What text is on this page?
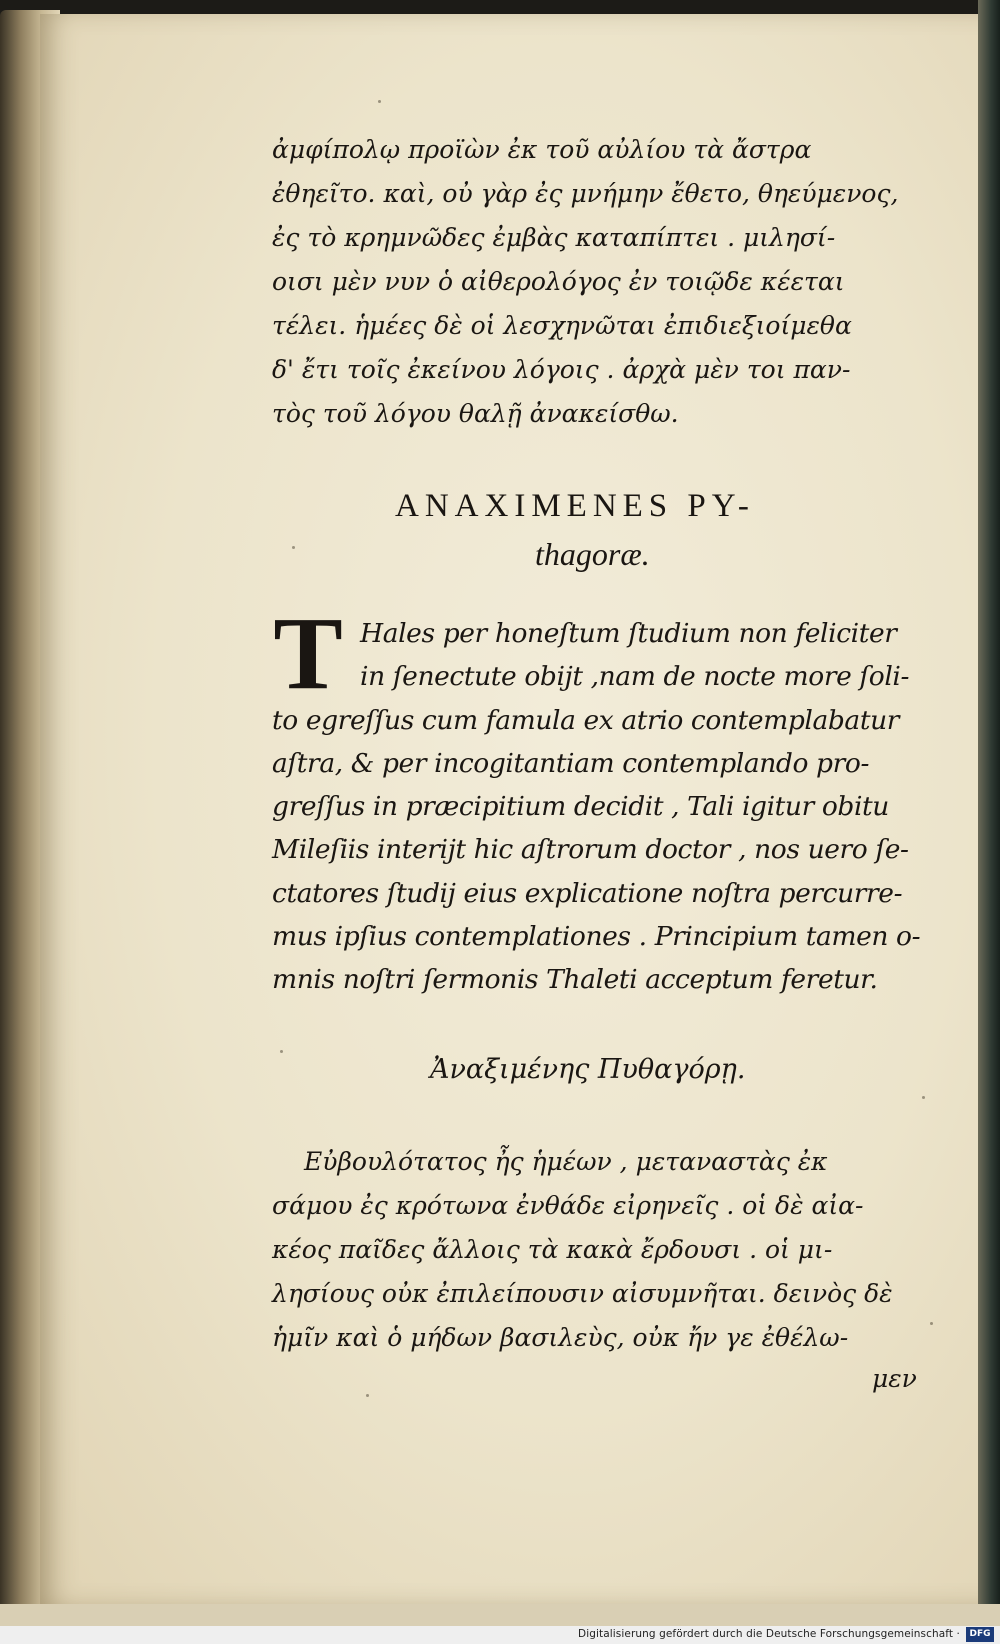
ἀμφίπολῳ προϊὼν ἐκ τοῦ αὐλίου τὰ ἄστρα
ἐθηεῖτο. καὶ, οὐ γὰρ ἐς μνήμην ἔθετο, θηεύμενος,
ἐς τὸ κρημνῶδες ἐμβὰς καταπίπτει . μιλησί-
οισι μὲν νυν ὁ αἰθερολόγος ἐν τοιῷδε κέεται
τέλει. ἡμέες δὲ οἱ λεσχηνῶται ἐπιδιεξιοίμεθα
δ' ἔτι τοῖς ἐκείνου λόγοις . ἀρχὰ μὲν τοι παν-
τὸς τοῦ λόγου θαλῇ ἀνακείσθω.
ANAXIMENES PY-
thagoræ.
T Hales per honeſtum ſtudium non feliciter
in ſenectute obijt ,nam de nocte more ſoli-
to egreſſus cum famula ex atrio contemplabatur
aſtra, & per incogitantiam contemplando pro-
greſſus in præcipitium decidit , Tali igitur obitu
Mileſiis interijt hic aſtrorum doctor , nos uero ſe-
ctatores ſtudij eius explicatione noſtra percurre-
mus ipſius contemplationes . Principium tamen o-
mnis noſtri ſermonis Thaleti acceptum feretur.
Ἀναξιμένης Πυθαγόρῃ.
Εὐβουλότατος ἦς ἡμέων , μεταναστὰς ἐκ
σάμου ἐς κρότωνα ἐνθάδε εἰρηνεῖς . οἱ δὲ αἰα-
κέος παῖδες ἄλλοις τὰ κακὰ ἔρδουσι . οἱ μι-
λησίους οὐκ ἐπιλείπουσιν αἰσυμνῆται. δεινὸς δὲ
ἡμῖν καὶ ὁ μήδων βασιλεὺς, οὐκ ἤν γε ἐθέλω-
μεν
Digitalisierung gefördert durch die Deutsche Forschungsgemeinschaft ·	DFG
